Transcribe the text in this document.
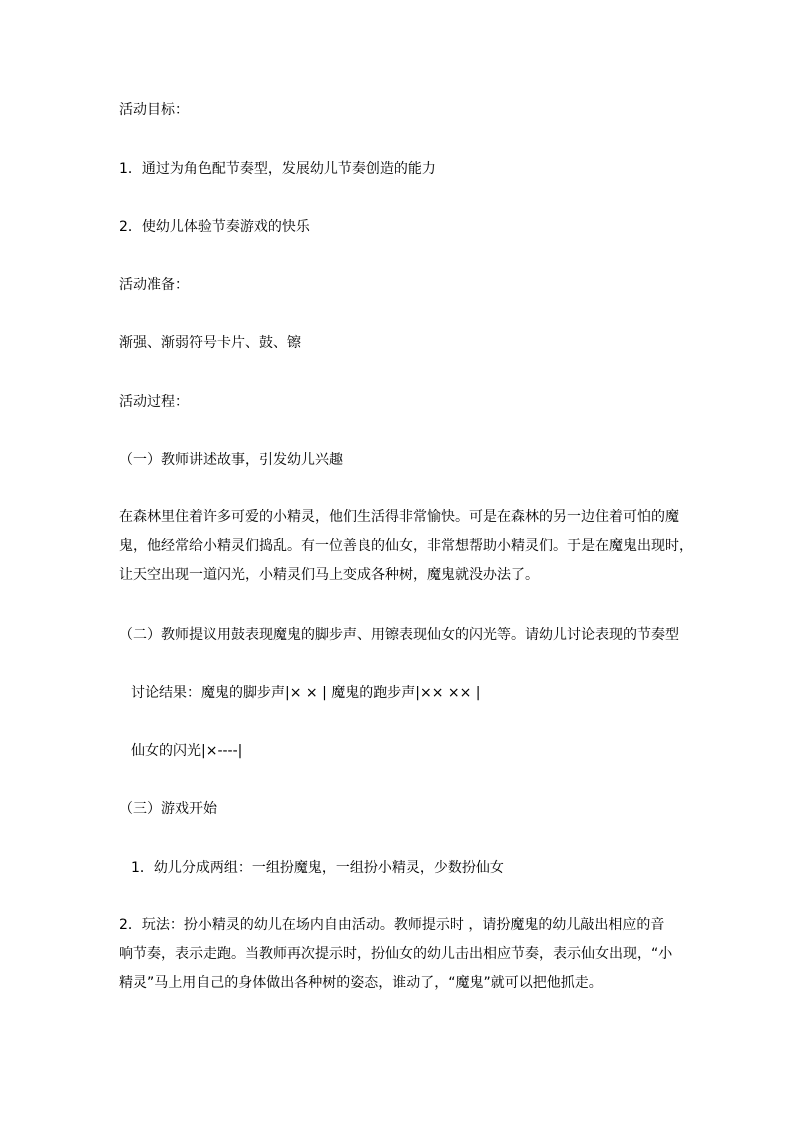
活动目标：

1．通过为角色配节奏型，发展幼儿节奏创造的能力

2．使幼儿体验节奏游戏的快乐

活动准备：

渐强、渐弱符号卡片、鼓、镲

活动过程：

（一）教师讲述故事，引发幼儿兴趣

在森林里住着许多可爱的小精灵，他们生活得非常愉快。可是在森林的另一边住着可怕的魔
鬼，他经常给小精灵们捣乱。有一位善良的仙女，非常想帮助小精灵们。于是在魔鬼出现时，
让天空出现一道闪光，小精灵们马上变成各种树，魔鬼就没办法了。

（二）教师提议用鼓表现魔鬼的脚步声、用镲表现仙女的闪光等。请幼儿讨论表现的节奏型

讨论结果：魔鬼的脚步声|× × | 魔鬼的跑步声|×× ×× |

仙女的闪光|×----|

（三）游戏开始

1．幼儿分成两组：一组扮魔鬼，一组扮小精灵，少数扮仙女

2．玩法：扮小精灵的幼儿在场内自由活动。教师提示时 ，请扮魔鬼的幼儿敲出相应的音
响节奏，表示走跑。当教师再次提示时，扮仙女的幼儿击出相应节奏，表示仙女出现，“小
精灵”马上用自己的身体做出各种树的姿态，谁动了，“魔鬼”就可以把他抓走。
